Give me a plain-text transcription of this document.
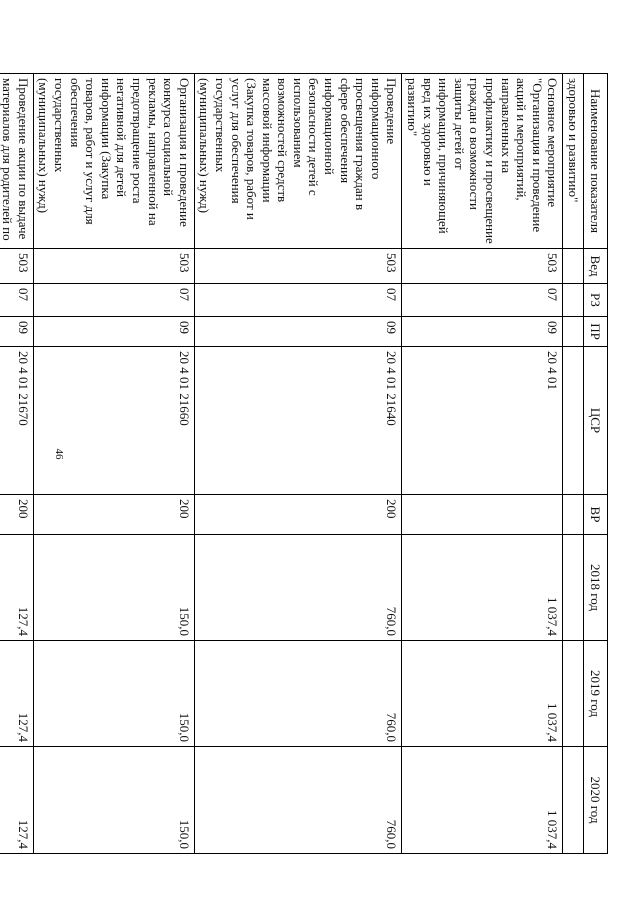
46
Наименование показателя	Вед	РЗ	ПР	ЦСР	ВР	2018 год	2019 год	2020 год
здоровью и развитию"								
Основное мероприятие "Организация и проведение акций и мероприятий, направленных на профилактику и просвещение граждан о возможности защиты детей от информации, причиняющей вред их здоровью и развитию"	503	07	09	20 4 01		1 037,4	1 037,4	1 037,4
Проведение информационного просвещения граждан в сфере обеспечения информационной безопасности детей с использованием возможностей средств массовой информации (Закупка товаров, работ и услуг для обеспечения государственных (муниципальных) нужд)	503	07	09	20 4 01 21640	200	760,0	760,0	760,0
Организация и проведение конкурса социальной рекламы, направленной на предотвращение роста негативной для детей информации (Закупка товаров, работ и услуг для обеспечения государственных (муниципальных) нужд)	503	07	09	20 4 01 21660	200	150,0	150,0	150,0
Проведение акции по выдаче материалов для родителей по	503	07	09	20 4 01 21670	200	127,4	127,4	127,4
